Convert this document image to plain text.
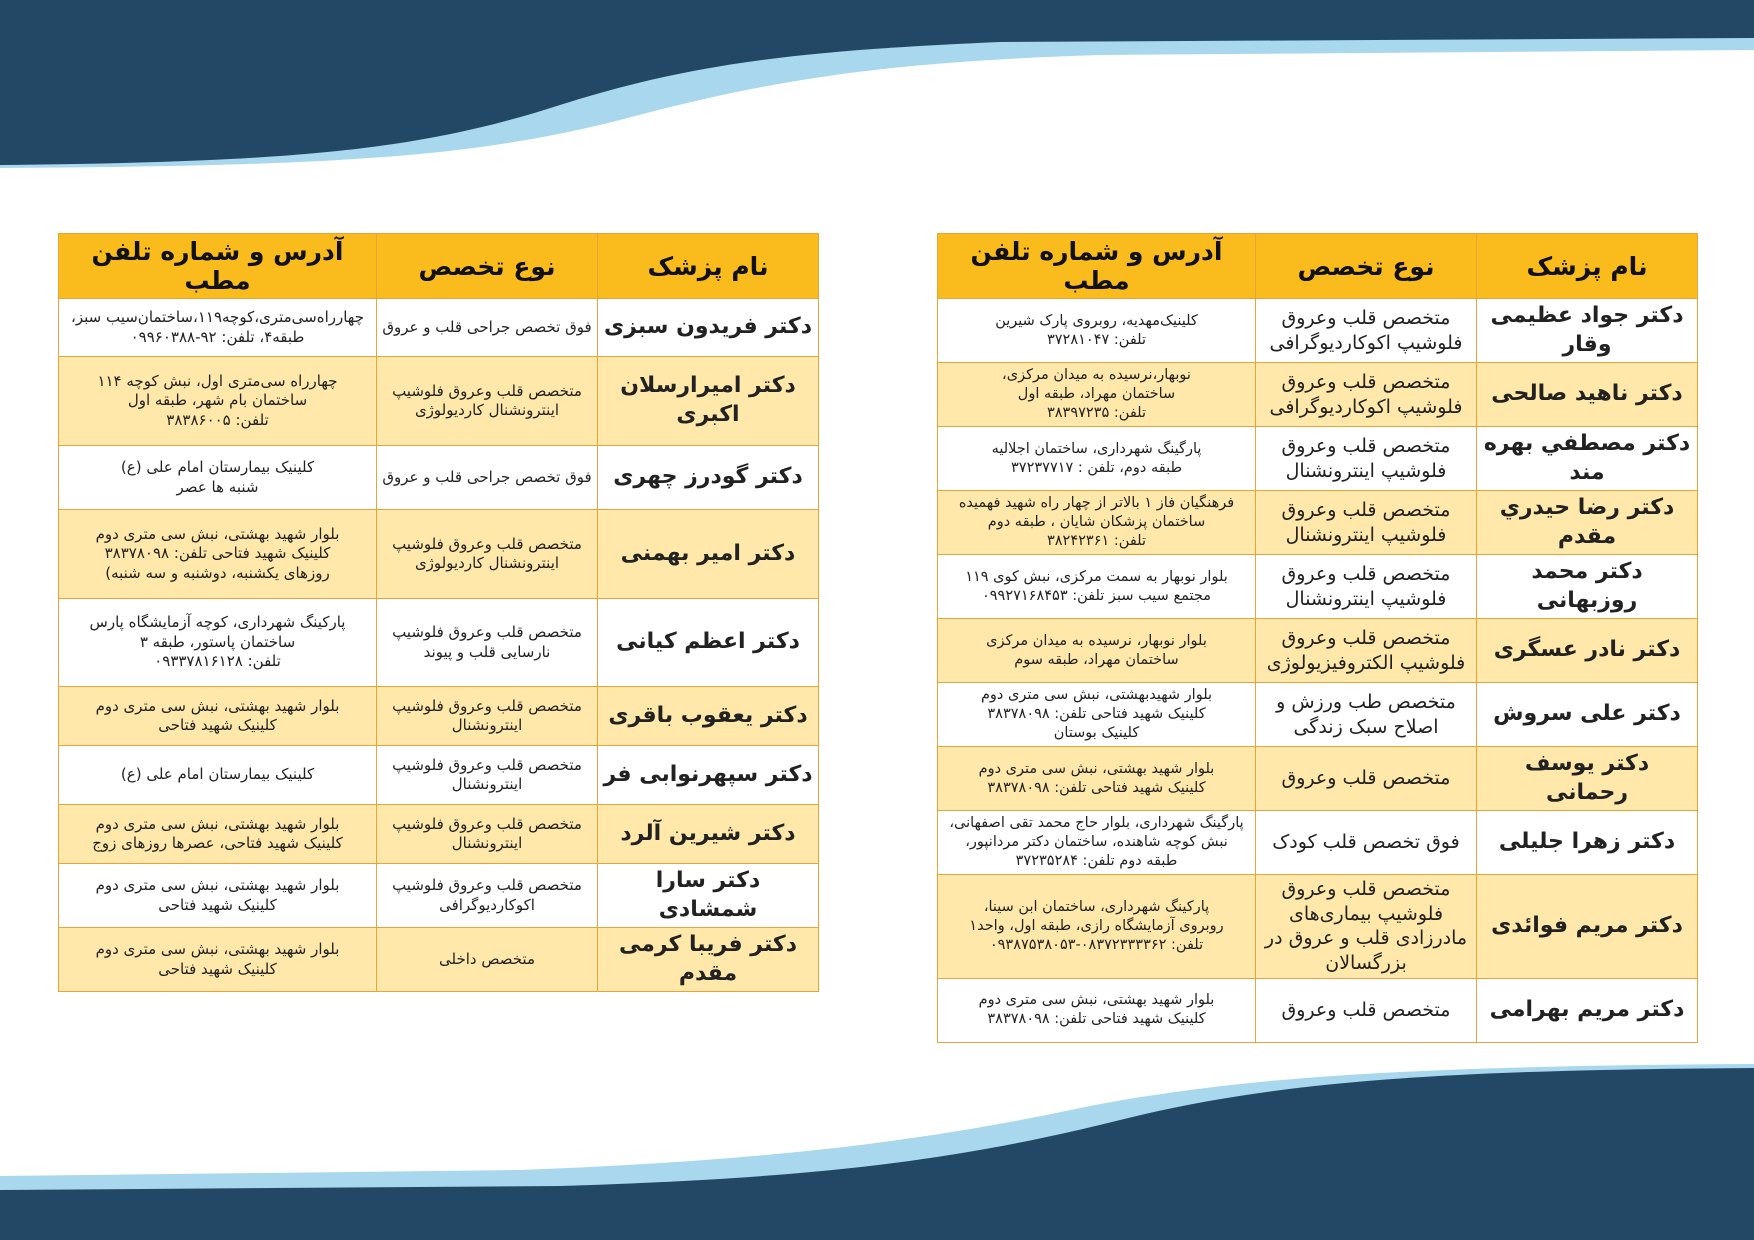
نام پزشک	نوع تخصص	آدرس و شماره تلفن مطب
دکتر فریدون سبزی	فوق تخصص جراحی قلب و عروق	چهارراه‌سی‌متری،کوچه۱۱۹،ساختمان‌سیب سبز،
طبقه۴، تلفن: ۹۲-۰۹۹۶۰۳۸۸
دکتر امیرارسلان اکبری	متخصص قلب وعروق فلوشیپ اینترونشنال کاردیولوژی	چهارراه سی‌متری اول، نبش کوچه ۱۱۴
ساختمان بام شهر، طبقه اول
تلفن: ۳۸۳۸۶۰۰۵
دکتر گودرز چهری	فوق تخصص جراحی قلب و عروق	کلینیک بیمارستان امام علی (ع)
شنبه ها عصر
دکتر امیر بهمنی	متخصص قلب وعروق فلوشیپ اینترونشنال کاردیولوژی	بلوار شهید بهشتی، نبش سی متری دوم
کلینیک شهید فتاحی تلفن: ۳۸۳۷۸۰۹۸
روزهای یکشنبه، دوشنبه و سه شنبه)
دکتر اعظم کیانی	متخصص قلب وعروق فلوشیپ نارسایی قلب و پیوند	پارکینگ شهرداری، کوچه آزمایشگاه پارس
ساختمان پاستور، طبقه ۳
تلفن: ۰۹۳۳۷۸۱۶۱۲۸
دکتر یعقوب باقری	متخصص قلب وعروق فلوشیپ اینترونشنال	بلوار شهید بهشتی، نبش سی متری دوم
کلینیک شهید فتاحی
دکتر سپهرنوابی فر	متخصص قلب وعروق فلوشیپ اینترونشنال	کلینیک بیمارستان امام علی (ع)
دکتر شیرین آلرد	متخصص قلب وعروق فلوشیپ اینترونشنال	بلوار شهید بهشتی، نبش سی متری دوم
کلینیک شهید فتاحی، عصرها روزهای زوج
دکتر سارا شمشادی	متخصص قلب وعروق فلوشیپ اکوکاردیوگرافی	بلوار شهید بهشتی، نبش سی متری دوم
کلینیک شهید فتاحی
دکتر فریبا کرمی مقدم	متخصص داخلی	بلوار شهید بهشتی، نبش سی متری دوم
کلینیک شهید فتاحی
نام پزشک	نوع تخصص	آدرس و شماره تلفن مطب
دکتر جواد عظیمی وقار	متخصص قلب وعروق فلوشیپ اکوکاردیوگرافی	کلینیک‌مهدیه، روبروی پارک شیرین
تلفن: ۳۷۲۸۱۰۴۷
دکتر ناهید صالحی	متخصص قلب وعروق فلوشیپ اکوکاردیوگرافی	نوبهار،نرسیده به میدان مرکزی،
ساختمان مهراد، طبقه اول
تلفن: ۳۸۳۹۷۲۳۵
دکتر مصطفي بهره مند	متخصص قلب وعروق فلوشیپ اینترونشنال	پارگینگ شهرداری، ساختمان اجلالیه
طبقه دوم، تلفن : ۳۷۲۳۷۷۱۷
دکتر رضا حیدري مقدم	متخصص قلب وعروق فلوشیپ اینترونشنال	فرهنگیان فاز ۱ بالاتر از چهار راه شهید فهمیده
ساختمان پزشکان شایان ، طبقه دوم
تلفن: ۳۸۲۴۲۳۶۱
دکتر محمد روزبهانی	متخصص قلب وعروق فلوشیپ اینترونشنال	بلوار نوبهار به سمت مرکزی، نبش کوی ۱۱۹
مجتمع سیب سبز تلفن: ۰۹۹۲۷۱۶۸۴۵۳
دکتر نادر عسگری	متخصص قلب وعروق فلوشیپ الکتروفیزیولوژی	بلوار نوبهار، نرسیده به میدان مرکزی
ساختمان مهراد، طبقه سوم
دکتر علی سروش	متخصص طب ورزش و اصلاح سبک زندگی	بلوار شهیدبهشتی، نبش سی متری دوم
کلینیک شهید فتاحی تلفن: ۳۸۳۷۸۰۹۸
کلینیک بوستان
دکتر یوسف رحمانی	متخصص قلب وعروق	بلوار شهید بهشتی، نبش سی متری دوم
کلینیک شهید فتاحی تلفن: ۳۸۳۷۸۰۹۸
دکتر زهرا جلیلی	فوق تخصص قلب کودک	پارگینگ شهرداری، بلوار حاج محمد تقی اصفهانی،
نبش کوچه شاهنده، ساختمان دکتر مردانپور،
طبقه دوم تلفن: ۳۷۲۳۵۲۸۴
دکتر مریم فوائدی	متخصص قلب وعروق فلوشیپ بیماری‌های مادرزادی قلب و عروق در بزرگسالان	پارکینگ شهرداری، ساختمان ابن سینا،
روبروی آزمایشگاه رازی، طبقه اول، واحد۱
تلفن: ۰۸۳۷۲۳۳۳۳۶۲-۰۹۳۸۷۵۳۸۰۵۳
دکتر مریم بهرامی	متخصص قلب وعروق	بلوار شهید بهشتی، نبش سی متری دوم
کلینیک شهید فتاحی تلفن: ۳۸۳۷۸۰۹۸
